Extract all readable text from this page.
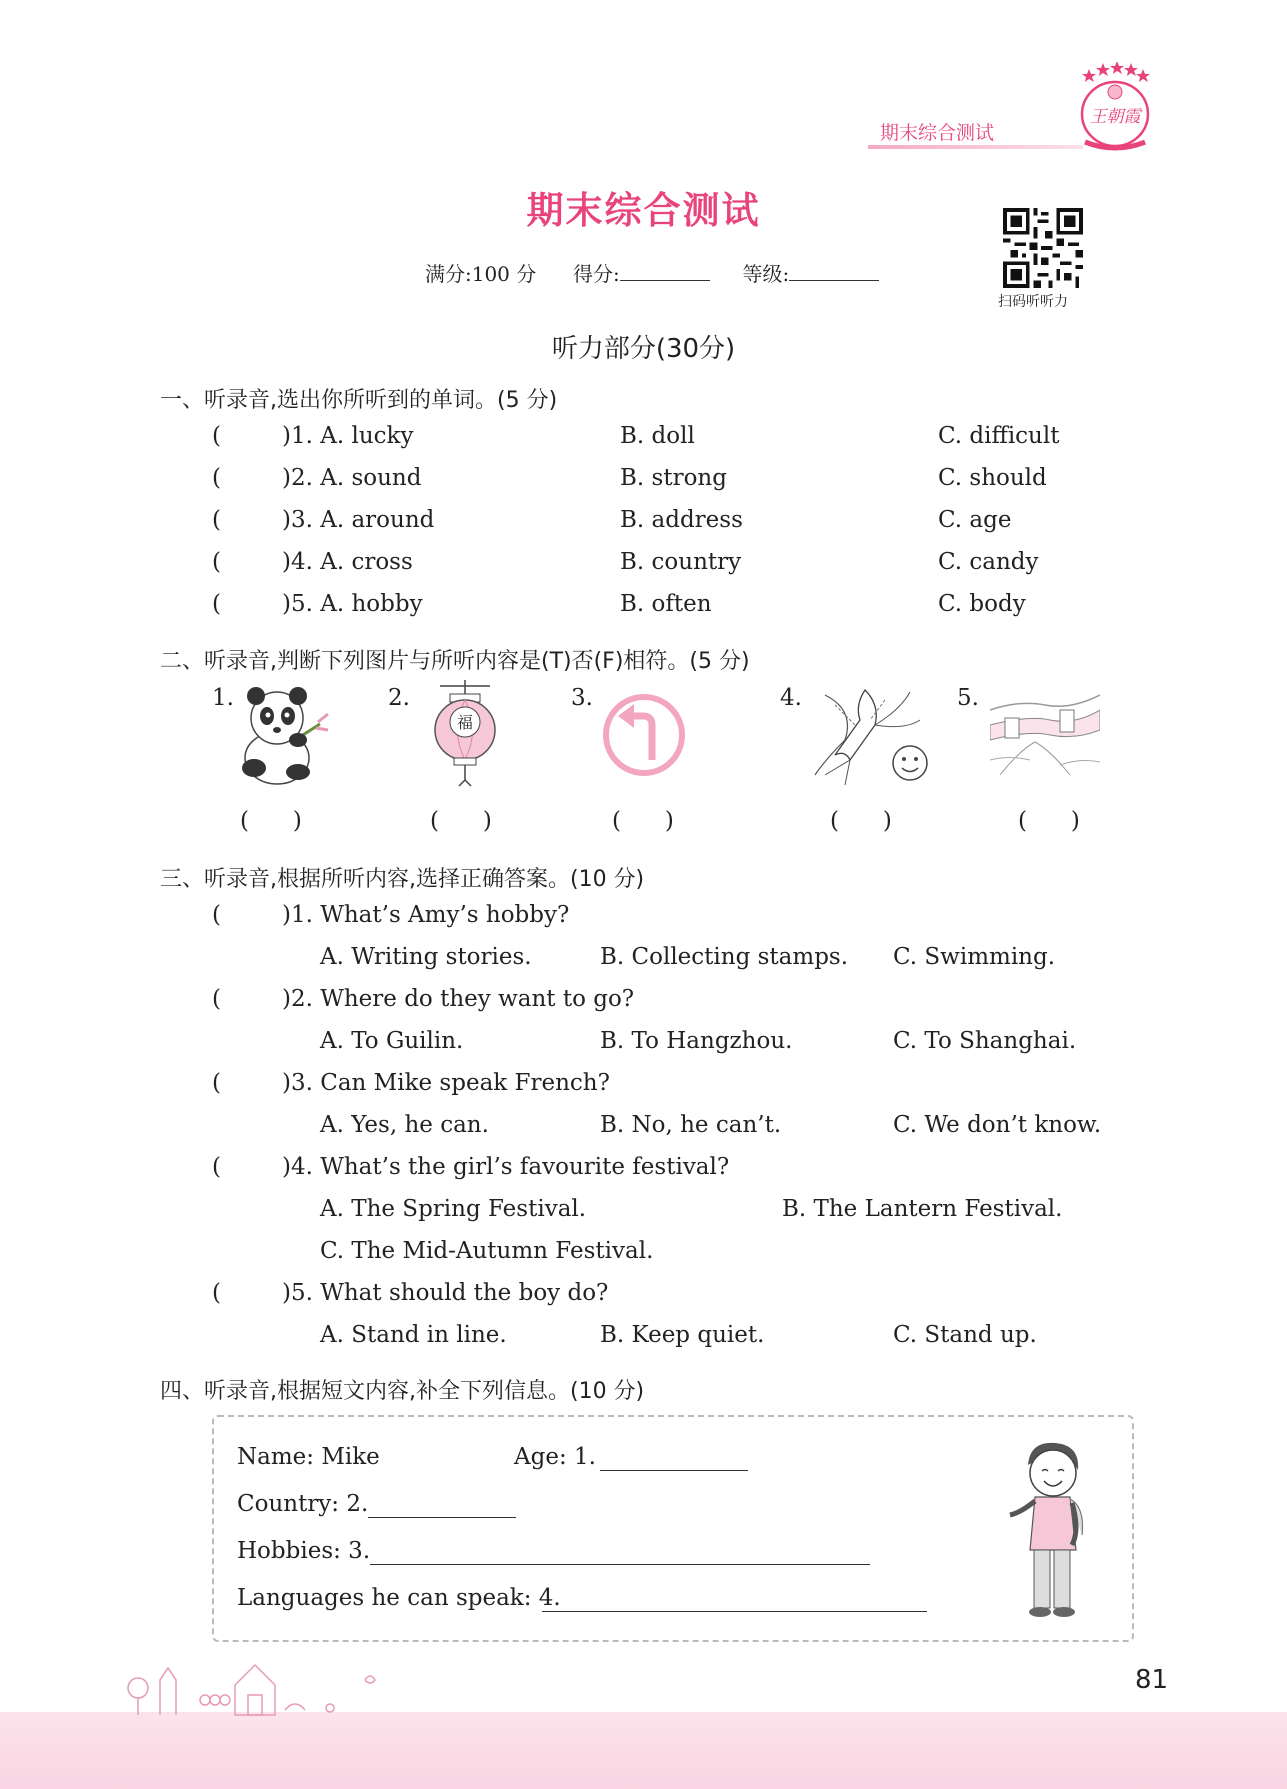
期末综合测试
王朝霞
期末综合测试
满分:100 分 得分:	等级:
扫码听听力
听力部分(30分)
一、听录音,选出你所听到的单词。(5 分)
(	)1. A. lucky	B. doll	C. difficult
(	)2. A. sound	B. strong	C. should
(	)3. A. around	B. address	C. age
(	)4. A. cross	B. country	C. candy
(	)5. A. hobby	B. often	C. body
二、听录音,判断下列图片与所听内容是(T)否(F)相符。(5 分)
1.
(      )
2.
福
(      )
3.
(      )
4.
(      )
5.
(      )
三、听录音,根据所听内容,选择正确答案。(10 分)
(	)1. What’s Amy’s hobby?
A. Writing stories.	B. Collecting stamps. C. Swimming.
(	)2. Where do they want to go?
A. To Guilin.	B. To Hangzhou.	C. To Shanghai.
(	)3. Can Mike speak French?
A. Yes, he can.	B. No, he can’t.	C. We don’t know.
(	)4. What’s the girl’s favourite festival?
A. The Spring Festival.	B. The Lantern Festival.
C. The Mid-Autumn Festival.
(	)5. What should the boy do?
A. Stand in line.	B. Keep quiet.	C. Stand up.
四、听录音,根据短文内容,补全下列信息。(10 分)
Name: Mike	Age: 1.
Country: 2.
Hobbies: 3.
Languages he can speak: 4.
81
